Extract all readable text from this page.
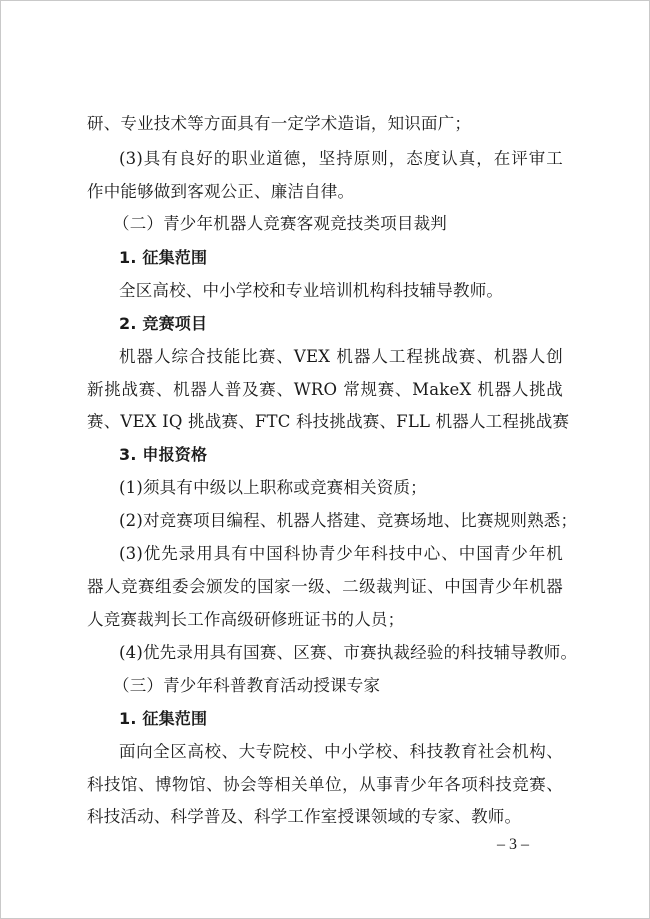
研、专业技术等方面具有一定学术造诣，知识面广；
(3)具有良好的职业道德，坚持原则，态度认真，在评审工
作中能够做到客观公正、廉洁自律。
（二）青少年机器人竞赛客观竞技类项目裁判
1. 征集范围
全区高校、中小学校和专业培训机构科技辅导教师。
2. 竞赛项目
机器人综合技能比赛、VEX 机器人工程挑战赛、机器人创
新挑战赛、机器人普及赛、WRO 常规赛、MakeX 机器人挑战
赛、VEX IQ 挑战赛、FTC 科技挑战赛、FLL 机器人工程挑战赛
3. 申报资格
(1)须具有中级以上职称或竞赛相关资质；
(2)对竞赛项目编程、机器人搭建、竞赛场地、比赛规则熟悉；
(3)优先录用具有中国科协青少年科技中心、中国青少年机
器人竞赛组委会颁发的国家一级、二级裁判证、中国青少年机器
人竞赛裁判长工作高级研修班证书的人员；
(4)优先录用具有国赛、区赛、市赛执裁经验的科技辅导教师。
（三）青少年科普教育活动授课专家
1. 征集范围
面向全区高校、大专院校、中小学校、科技教育社会机构、
科技馆、博物馆、协会等相关单位，从事青少年各项科技竞赛、
科技活动、科学普及、科学工作室授课领域的专家、教师。
– 3 –
